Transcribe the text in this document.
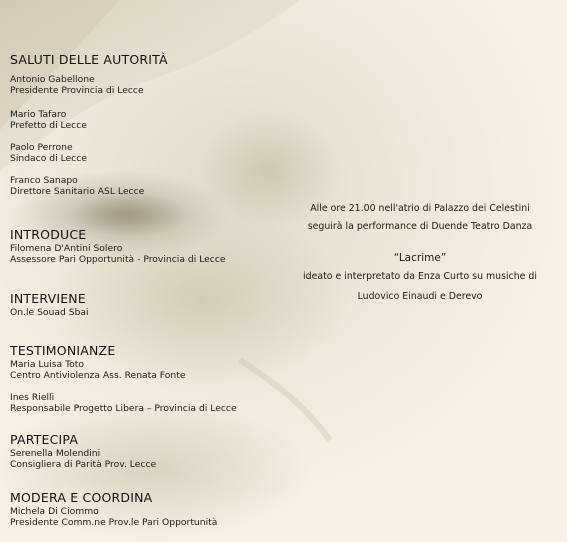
SALUTI DELLE AUTORITÀ
Antonio Gabellone
Presidente Provincia di Lecce
Mario Tafaro
Prefetto di Lecce
Paolo Perrone
Sindaco di Lecce
Franco Sanapo
Direttore Sanitario ASL Lecce
INTRODUCE
Filomena D'Antini Solero
Assessore Pari Opportunità - Provincia di Lecce
INTERVIENE
On.le Souad Sbai
TESTIMONIANZE
Maria Luisa Toto
Centro Antiviolenza Ass. Renata Fonte
Ines Rielli
Responsabile Progetto Libera – Provincia di Lecce
PARTECIPA
Serenella Molendini
Consigliera di Parità Prov. Lecce
MODERA E COORDINA
Michela Di Ciommo
Presidente Comm.ne Prov.le Pari Opportunità
Alle ore 21.00 nell'atrio di Palazzo dei Celestini
seguirà la performance di Duende Teatro Danza
“Lacrime”
ideato e interpretato da Enza Curto su musiche di
Ludovico Einaudi e Derevo
